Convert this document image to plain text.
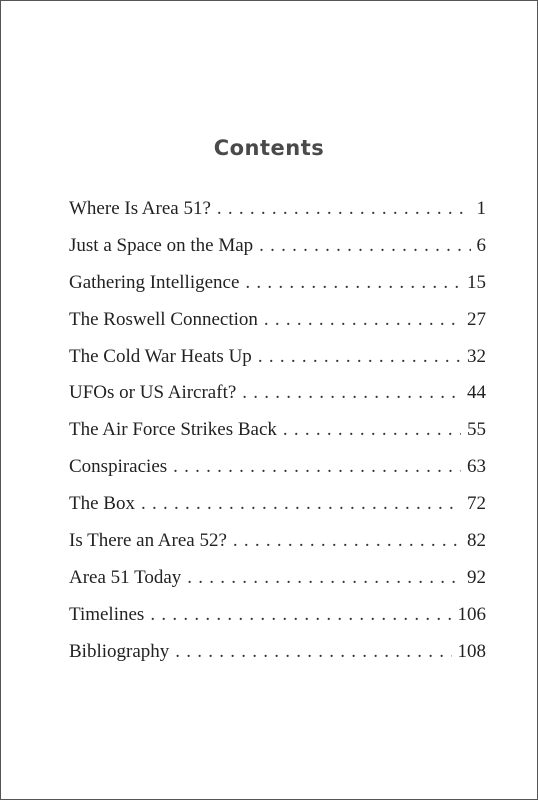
Contents
Where Is Area 51? . . .	1
Just a Space on the Map . . .	6
Gathering Intelligence . . .	15
The Roswell Connection . . .	27
The Cold War Heats Up . . .	32
UFOs or US Aircraft? . . .	44
The Air Force Strikes Back . . .	55
Conspiracies . . .	63
The Box . . .	72
Is There an Area 52? . . .	82
Area 51 Today . . .	92
Timelines . . .	106
Bibliography . . .	108
